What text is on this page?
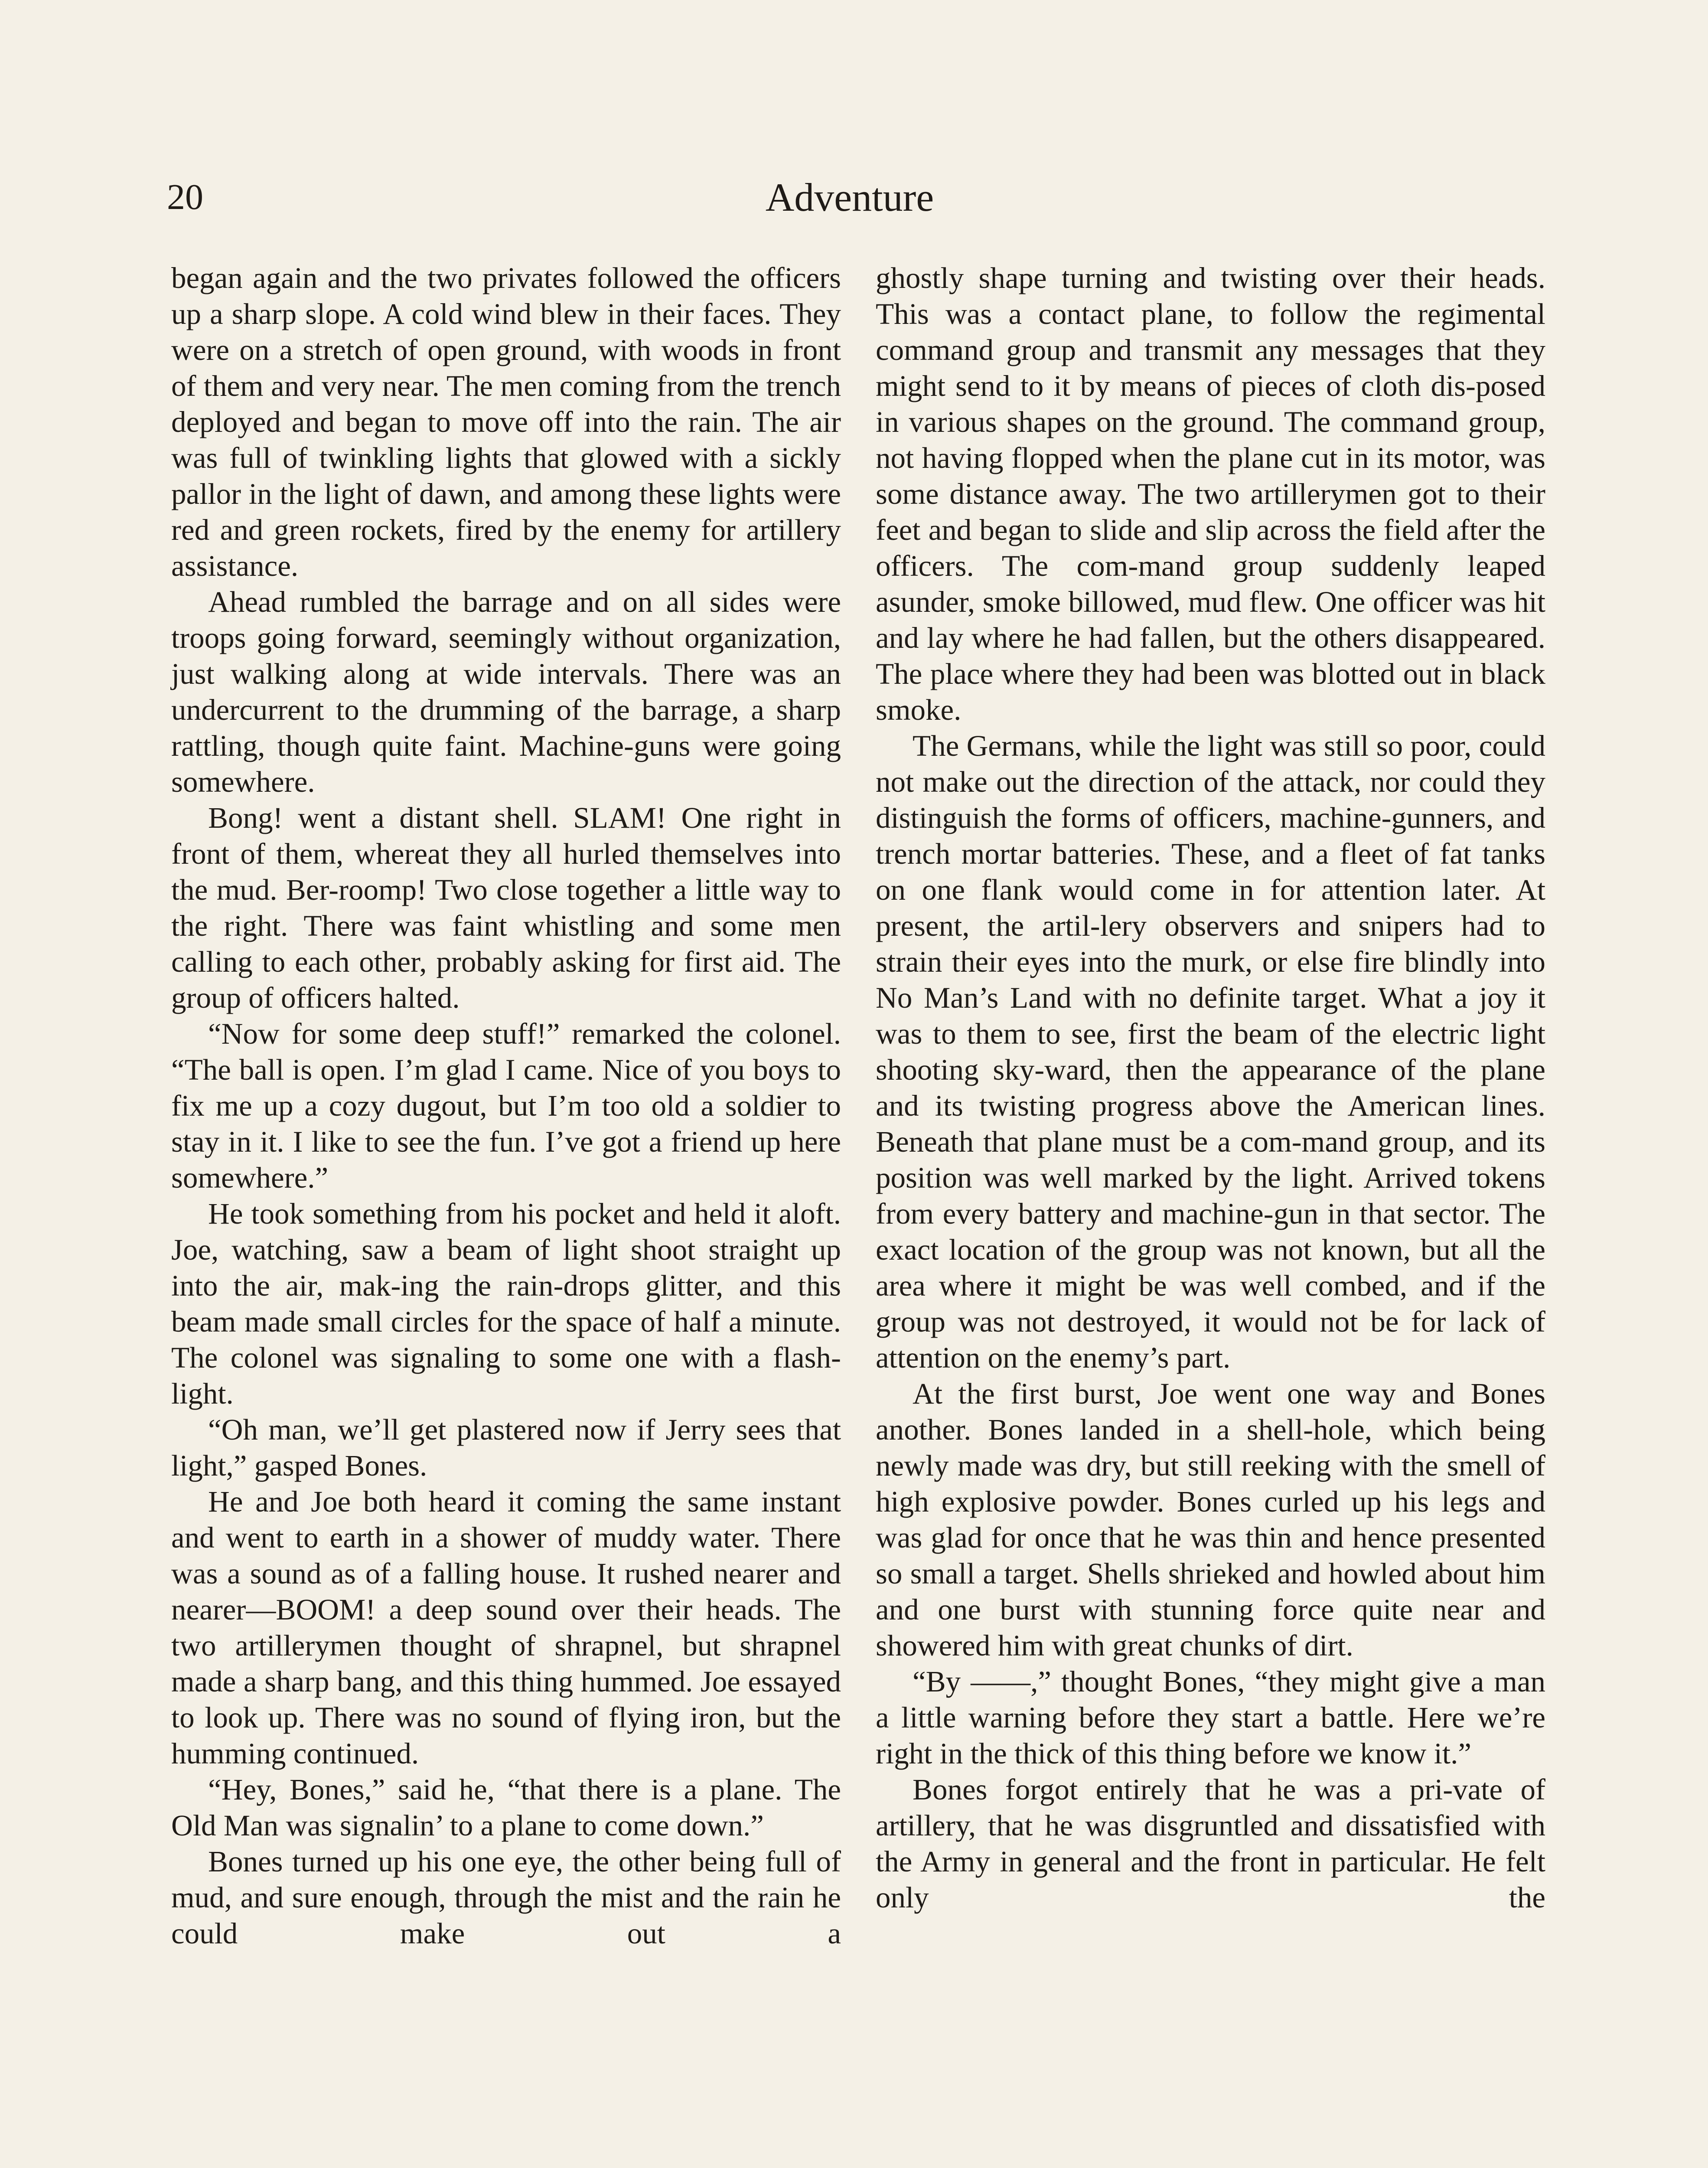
20	Adventure

began again and the two privates followed the officers up a sharp slope. A cold wind blew in their faces. They were on a stretch of open ground, with woods in front of them and very near. The men coming from the trench deployed and began to move off into the rain. The air was full of twinkling lights that glowed with a sickly pallor in the light of dawn, and among these lights were red and green rockets, fired by the enemy for artillery assistance.

Ahead rumbled the barrage and on all sides were troops going forward, seemingly without organization, just walking along at wide intervals. There was an undercurrent to the drumming of the barrage, a sharp rattling, though quite faint. Machine-guns were going somewhere.

Bong! went a distant shell. SLAM! One right in front of them, whereat they all hurled themselves into the mud. Ber-roomp! Two close together a little way to the right. There was faint whistling and some men calling to each other, probably asking for first aid. The group of officers halted.

“Now for some deep stuff!” remarked the colonel. “The ball is open. I’m glad I came. Nice of you boys to fix me up a cozy dugout, but I’m too old a soldier to stay in it. I like to see the fun. I’ve got a friend up here somewhere.”

He took something from his pocket and held it aloft. Joe, watching, saw a beam of light shoot straight up into the air, mak-ing the rain-drops glitter, and this beam made small circles for the space of half a minute. The colonel was signaling to some one with a flash-light.

“Oh man, we’ll get plastered now if Jerry sees that light,” gasped Bones.

He and Joe both heard it coming the same instant and went to earth in a shower of muddy water. There was a sound as of a falling house. It rushed nearer and nearer—BOOM! a deep sound over their heads. The two artillerymen thought of shrapnel, but shrapnel made a sharp bang, and this thing hummed. Joe essayed to look up. There was no sound of flying iron, but the humming continued.

“Hey, Bones,” said he, “that there is a plane. The Old Man was signalin’ to a plane to come down.”

Bones turned up his one eye, the other being full of mud, and sure enough, through the mist and the rain he could make out a

ghostly shape turning and twisting over their heads. This was a contact plane, to follow the regimental command group and transmit any messages that they might send to it by means of pieces of cloth dis-posed in various shapes on the ground. The command group, not having flopped when the plane cut in its motor, was some distance away. The two artillerymen got to their feet and began to slide and slip across the field after the officers. The com-mand group suddenly leaped asunder, smoke billowed, mud flew. One officer was hit and lay where he had fallen, but the others disappeared. The place where they had been was blotted out in black smoke.

The Germans, while the light was still so poor, could not make out the direction of the attack, nor could they distinguish the forms of officers, machine-gunners, and trench mortar batteries. These, and a fleet of fat tanks on one flank would come in for attention later. At present, the artil-lery observers and snipers had to strain their eyes into the murk, or else fire blindly into No Man’s Land with no definite target. What a joy it was to them to see, first the beam of the electric light shooting sky-ward, then the appearance of the plane and its twisting progress above the American lines. Beneath that plane must be a com-mand group, and its position was well marked by the light. Arrived tokens from every battery and machine-gun in that sector. The exact location of the group was not known, but all the area where it might be was well combed, and if the group was not destroyed, it would not be for lack of attention on the enemy’s part.

At the first burst, Joe went one way and Bones another. Bones landed in a shell-hole, which being newly made was dry, but still reeking with the smell of high explosive powder. Bones curled up his legs and was glad for once that he was thin and hence presented so small a target. Shells shrieked and howled about him and one burst with stunning force quite near and showered him with great chunks of dirt.

“By ——,” thought Bones, “they might give a man a little warning before they start a battle. Here we’re right in the thick of this thing before we know it.”

Bones forgot entirely that he was a pri-vate of artillery, that he was disgruntled and dissatisfied with the Army in general and the front in particular. He felt only the
